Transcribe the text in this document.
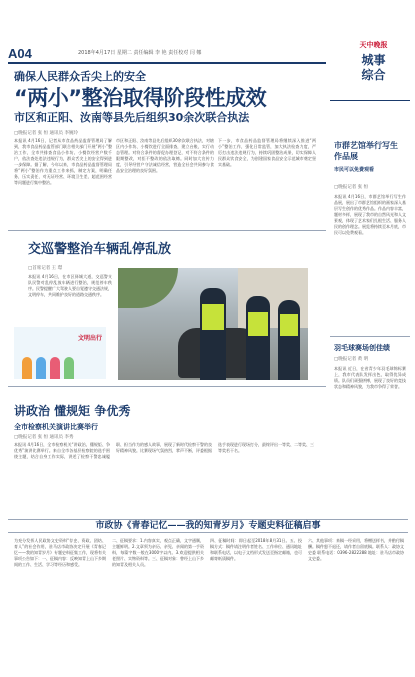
A04	2018年4月17日 星期二 责任编辑 李 艳 责任校对 闫 娜
天中晚报
城事
综合
确保人民群众舌尖上的安全
“两小”整治取得阶段性成效
市区和正阳、汝南等县先后组织30余次联合执法
□晚报记者 张 恒 通讯员 李婉玲
本报讯 4月16日，记者从市食品药品监督管理局了解到，我市食品药品监管部门联合相关部门开展“两小”整治工作，全市共排查食品小作坊、小餐饮经营户数千户，依法查处违法违规行为，群众舌尖上的安全得到进一步保障。据了解，今年以来，市食品药品监督管理局将“两小”整治作为重点工作来抓，制定方案，明确任务，压实责任，对无证经营、环境卫生差、超范围经营等问题进行集中整治。
市区和正阳、汝南等县先后组织30余次联合执法，对辖区内小作坊、小餐饮进行全面排查，建立台账，实行动态管理。对符合条件的督促办理登记，对不符合条件的限期整改，对拒不整改的依法取缔。同时加大宣传力度，引导经营户守法诚信经营，营造全社会共同参与食品安全治理的良好氛围。
下一步，市食品药品监督管理局将继续深入推进“两小”整治工作，强化日常监管，加大执法检查力度，严厉打击违法违规行为，持续巩固整治成果，切实保障人民群众饮食安全，为创建国家食品安全示范城市奠定坚实基础。
交巡警整治车辆乱停乱放
□首席记者 王 璟
本报讯 4月16日，在市区驿城大道，交巡警支队民警对乱停乱放车辆进行整治，规范停车秩序。民警提醒广大驾驶人要自觉遵守交通法规，文明停车，共同维护良好的道路交通秩序。
文明出行
讲政治 懂规矩 争优秀
全市检察机关演讲比赛举行
□晚报记者 张 恒 通讯员 李秀
本报讯 4月16日，全市检察机关“讲政治、懂规矩、争优秀”演讲比赛举行。来自全市各基层检察院的选手围绕主题，结合自身工作实际，讲述了检察干警忠诚履职、担当作为的感人故事，展现了新时代检察干警的良好精神风貌。比赛现场气氛热烈，掌声不断，评委根据选手表现进行现场打分，最终评出一等奖、二等奖、三等奖若干名。
市群艺馆举行写生作品展
市民可以免费观看
□晚报记者 张 恒
本报讯 4月16日，市群艺馆举行写生作品展，展出了市群艺馆组织的画家深入基层写生创作的优秀作品。作品内容丰富，题材多样，展现了我市的自然风光和人文景观，体现了艺术家们扎根生活、服务人民的创作理念。展览将持续至本月底，市民可以免费观看。
羽毛球赛场创佳绩
□晚报记者 黄 明
本报讯 近日，在省青少年羽毛球锦标赛上，我市代表队发挥出色，取得优异成绩。队员们顽强拼搏，展现了良好的竞技状态和精神风貌，为我市争得了荣誉。
市政协《青春记忆——我的知青岁月》专题史料征稿启事
为充分发挥人民政协文史资料“存史、资政、团结、育人”的社会作用，驻马店市政协决定开展《青春记忆——我的知青岁月》专题史料征集工作，现将有关事项公告如下：一、征稿内容：反映知青上山下乡期间的工作、生活、学习等经历和感受。
二、征稿要求：1.内容真实，观点正确，文字通顺，主题鲜明。2.文章须为亲历、亲见、亲闻的第一手资料，每篇字数一般在3000字以内。3.欢迎提供相关老照片、实物资料等。三、征稿对象：曾经上山下乡的知青及相关人员。
四、征稿时间：即日起至2018年8月31日。五、投稿方式：稿件请注明作者姓名、工作单位、通讯地址和联系电话，以电子文档形式发送至指定邮箱，也可邮寄纸质稿件。
六、其他事项：来稿一经采用，将赠送样书，并酌付稿酬。稿件恕不退还，请作者自留底稿。联系人：政协文史委 联系电话：0396-2822288 地址：驻马店市政协文史委。
